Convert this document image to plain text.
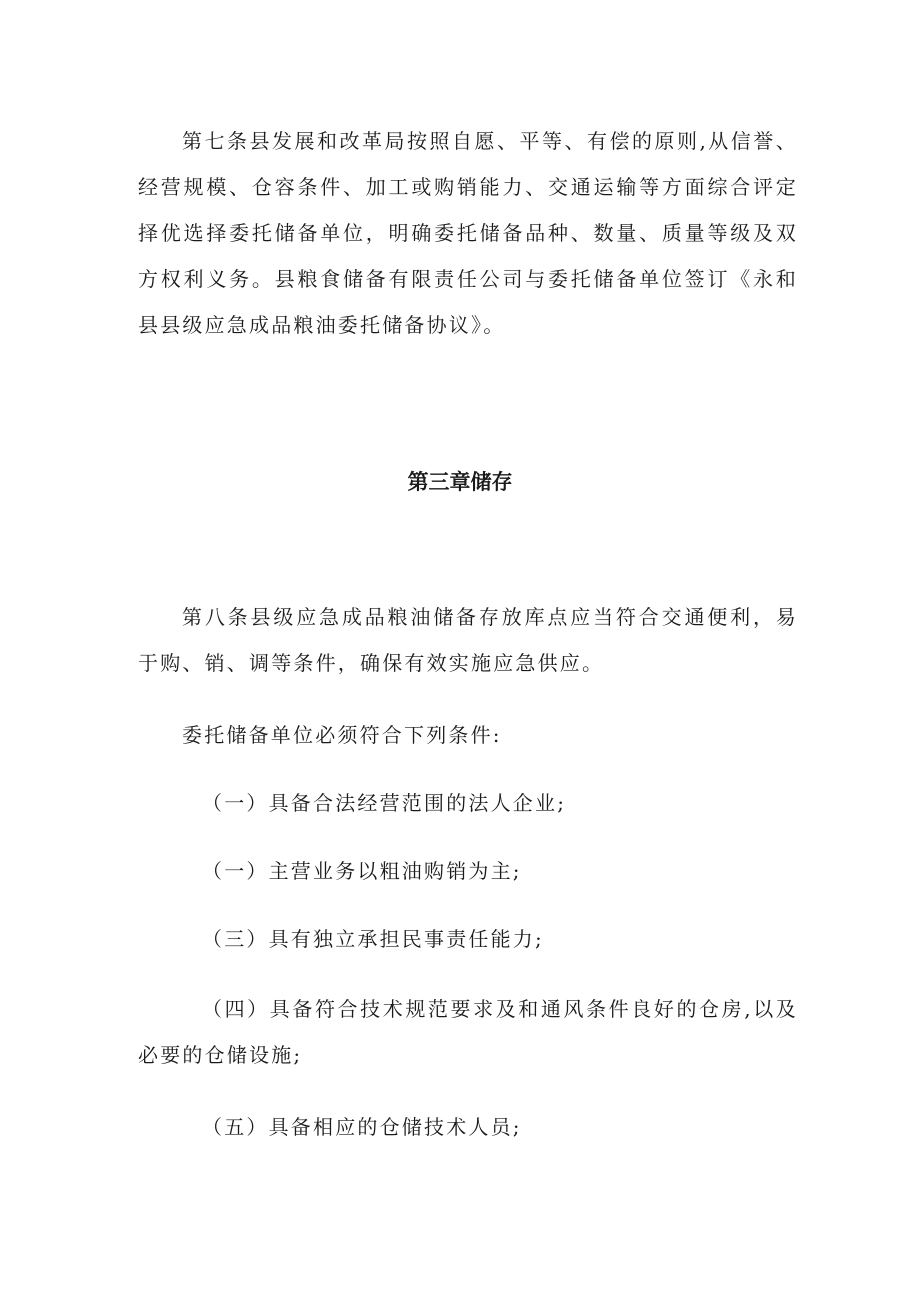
第七条县发展和改革局按照自愿、平等、有偿的原则,从信誉、经营规模、仓容条件、加工或购销能力、交通运输等方面综合评定择优选择委托储备单位，明确委托储备品种、数量、质量等级及双方权利义务。县粮食储备有限责任公司与委托储备单位签订《永和县县级应急成品粮油委托储备协议》。

第三章储存

第八条县级应急成品粮油储备存放库点应当符合交通便利，易于购、销、调等条件，确保有效实施应急供应。

委托储备单位必须符合下列条件:

（一）具备合法经营范围的法人企业;

（一）主营业务以粗油购销为主;

（三）具有独立承担民事责任能力;

（四）具备符合技术规范要求及和通风条件良好的仓房,以及必要的仓储设施;

（五）具备相应的仓储技术人员;
